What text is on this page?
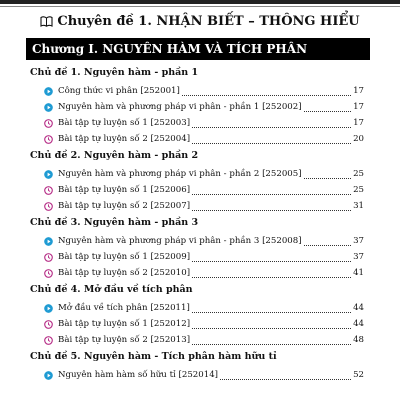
Chuyên đề 1. NHẬN BIẾT – THÔNG HIỂU
Chương I. NGUYÊN HÀM VÀ TÍCH PHÂN
Chủ đề 1. Nguyên hàm - phần 1
Công thức vi phân [252001]	17
Nguyên hàm và phương pháp vi phân - phần 1 [252002]	17
Bài tập tự luyện số 1 [252003]	17
Bài tập tự luyện số 2 [252004]	20
Chủ đề 2. Nguyên hàm - phần 2
Nguyên hàm và phương pháp vi phân - phần 2 [252005]	25
Bài tập tự luyện số 1 [252006]	25
Bài tập tự luyện số 2 [252007]	31
Chủ đề 3. Nguyên hàm - phần 3
Nguyên hàm và phương pháp vi phân - phần 3 [252008]	37
Bài tập tự luyện số 1 [252009]	37
Bài tập tự luyện số 2 [252010]	41
Chủ đề 4. Mở đầu về tích phân
Mở đầu về tích phân [252011]	44
Bài tập tự luyện số 1 [252012]	44
Bài tập tự luyện số 2 [252013]	48
Chủ đề 5. Nguyên hàm - Tích phân hàm hữu tỉ
Nguyên hàm hàm số hữu tỉ [252014]	52
